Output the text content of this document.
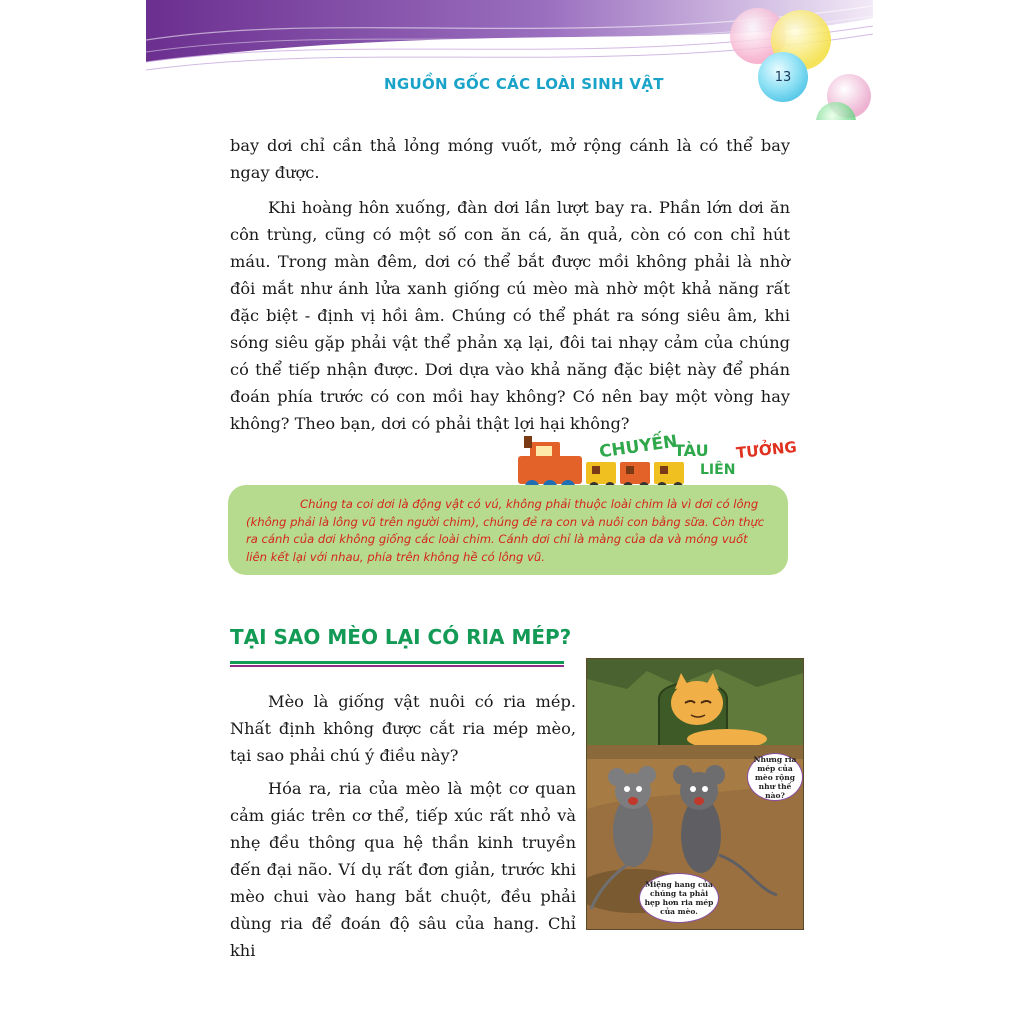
NGUỒN GỐC CÁC LOÀI SINH VẬT	13

bay dơi chỉ cần thả lỏng móng vuốt, mở rộng cánh là có thể bay ngay được.

Khi hoàng hôn xuống, đàn dơi lần lượt bay ra. Phần lớn dơi ăn côn trùng, cũng có một số con ăn cá, ăn quả, còn có con chỉ hút máu. Trong màn đêm, dơi có thể bắt được mồi không phải là nhờ đôi mắt như ánh lửa xanh giống cú mèo mà nhờ một khả năng rất đặc biệt - định vị hồi âm. Chúng có thể phát ra sóng siêu âm, khi sóng siêu gặp phải vật thể phản xạ lại, đôi tai nhạy cảm của chúng có thể tiếp nhận được. Dơi dựa vào khả năng đặc biệt này để phán đoán phía trước có con mồi hay không? Có nên bay một vòng hay không? Theo bạn, dơi có phải thật lợi hại không?

CHUYẾN
TÀU
LIÊN
TƯỞNG

Chúng ta coi dơi là động vật có vú, không phải thuộc loài chim là vì dơi có lông (không phải là lông vũ trên người chim), chúng đẻ ra con và nuôi con bằng sữa. Còn thực ra cánh của dơi không giống các loài chim. Cánh dơi chỉ là màng của da và móng vuốt liên kết lại với nhau, phía trên không hề có lông vũ.

TẠI SAO MÈO LẠI CÓ RIA MÉP?

Mèo là giống vật nuôi có ria mép. Nhất định không được cắt ria mép mèo, tại sao phải chú ý điều này?

Hóa ra, ria của mèo là một cơ quan cảm giác trên cơ thể, tiếp xúc rất nhỏ và nhẹ đều thông qua hệ thần kinh truyền đến đại não. Ví dụ rất đơn giản, trước khi mèo chui vào hang bắt chuột, đều phải dùng ria để đoán độ sâu của hang. Chỉ khi

Nhưng ria mép của mèo rộng như thế nào?
Miệng hang của chúng ta phải hẹp hơn ria mép của mèo.
